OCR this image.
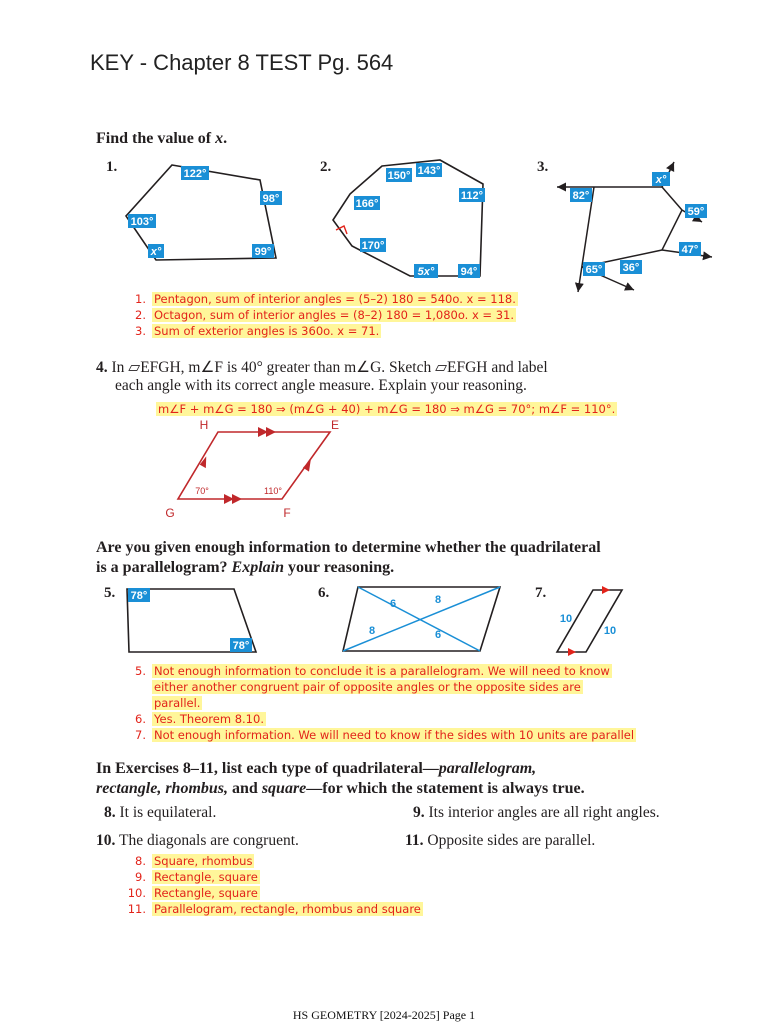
KEY - Chapter 8 TEST Pg. 564
Find the value of x.
1.	2.	3.
122°
98°
103°
x°	99°
150° 143°
112°
166°
170°
5x° 94°
x°
82°
59°
47°
65° 36°
1. Pentagon, sum of interior angles = (5–2) 180 = 540o. x = 118.
2. Octagon, sum of interior angles = (8–2) 180 = 1,080o. x = 31.
3. Sum of exterior angles is 360o. x = 71.
4. In ▱EFGH, m∠F is 40° greater than m∠G. Sketch ▱EFGH and label
each angle with its correct angle measure. Explain your reasoning.
m∠F + m∠G = 180 ⇒ (m∠G + 40) + m∠G = 180 ⇒ m∠G = 70°; m∠F = 110°.
H	E
G	F
70°	110°
Are you given enough information to determine whether the quadrilateral
is a parallelogram? Explain your reasoning.
5.	6.	7.
78°
78°
6	8
8	6
10
10
5. Not enough information to conclude it is a parallelogram. We will need to know
either another congruent pair of opposite angles or the opposite sides are
parallel.
6. Yes. Theorem 8.10.
7. Not enough information. We will need to know if the sides with 10 units are parallel
In Exercises 8–11, list each type of quadrilateral—parallelogram,
rectangle, rhombus, and square—for which the statement is always true.
8. It is equilateral.	9. Its interior angles are all right angles.
10. The diagonals are congruent.	11. Opposite sides are parallel.
8. Square, rhombus
9. Rectangle, square
10. Rectangle, square
11. Parallelogram, rectangle, rhombus and square
HS GEOMETRY [2024-2025] Page 1
